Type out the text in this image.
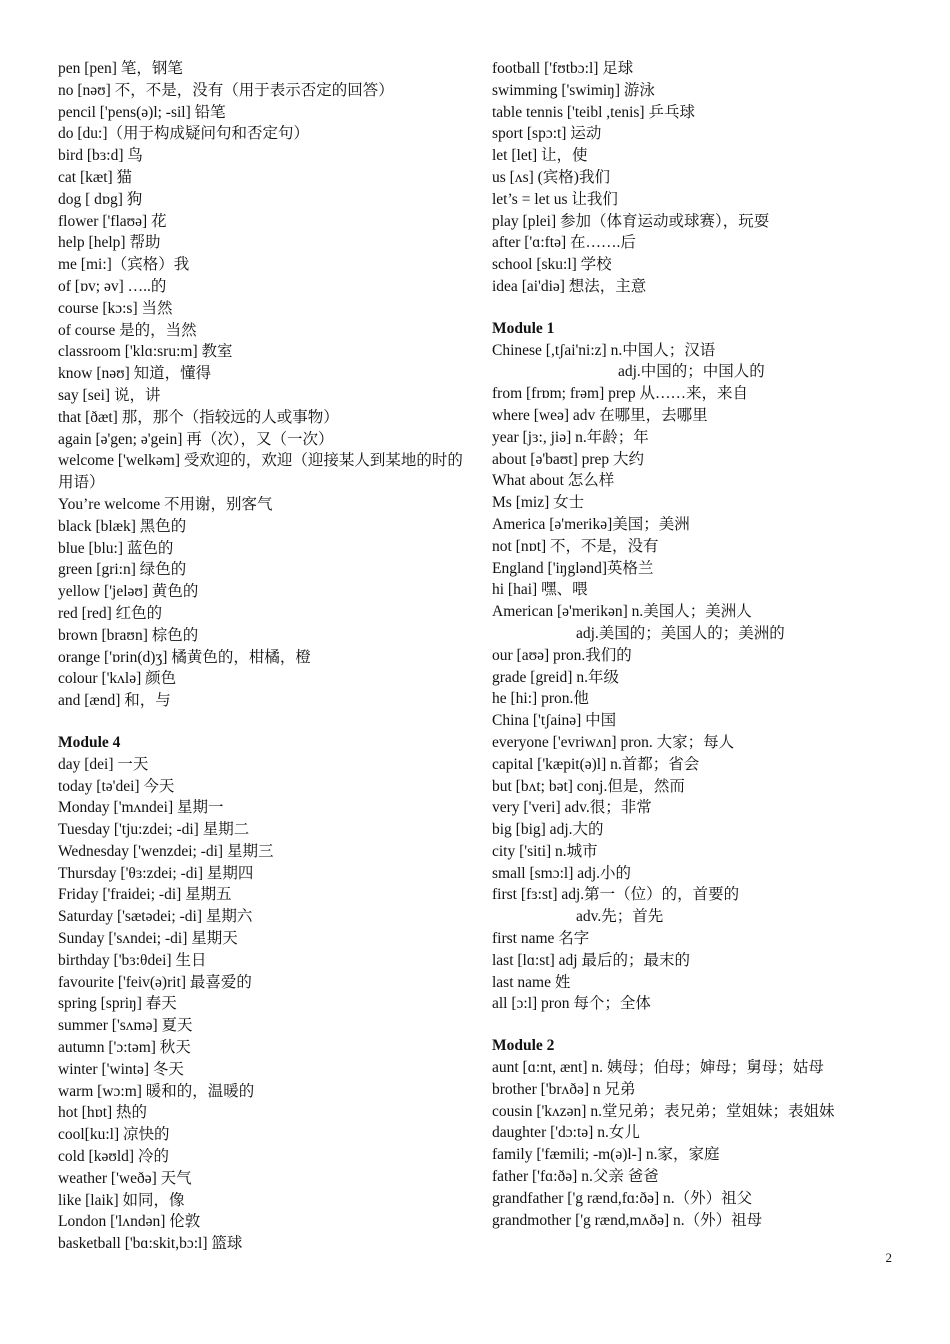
pen [pen] 笔，钢笔
no [nəʊ] 不，不是，没有（用于表示否定的回答）
pencil ['pens(ə)l; -sil] 铅笔
do [du:]（用于构成疑问句和否定句）
bird [bɜ:d] 鸟
cat [kæt] 猫
dog [ dɒg] 狗
flower ['flaʊə] 花
help [help] 帮助
me [mi:]（宾格）我
of [ɒv; əv] …..的
course [kɔ:s] 当然
of course 是的，当然
classroom ['klɑ:sru:m] 教室
know [nəʊ] 知道，懂得
say [sei] 说，讲
that [ðæt] 那，那个（指较远的人或事物）
again [ə'gen; ə'gein] 再（次），又（一次）
welcome ['welkəm] 受欢迎的，欢迎（迎接某人到某地的时的用语）
You’re welcome 不用谢，别客气
black [blæk] 黑色的
blue [blu:] 蓝色的
green [gri:n] 绿色的
yellow ['jeləʊ] 黄色的
red [red] 红色的
brown [braʊn] 棕色的
orange ['ɒrin(d)ʒ] 橘黄色的，柑橘，橙
colour ['kʌlə] 颜色
and [ænd] 和，与
Module 4
day [dei] 一天
today [tə'dei] 今天
Monday ['mʌndei] 星期一
Tuesday ['tju:zdei; -di] 星期二
Wednesday ['wenzdei; -di] 星期三
Thursday ['θɜ:zdei; -di] 星期四
Friday ['fraidei; -di] 星期五
Saturday ['sætədei; -di] 星期六
Sunday ['sʌndei; -di] 星期天
birthday ['bɜ:θdei] 生日
favourite ['feiv(ə)rit] 最喜爱的
spring [spriŋ] 春天
summer ['sʌmə] 夏天
autumn ['ɔ:təm] 秋天
winter ['wintə] 冬天
warm [wɔ:m] 暖和的，温暖的
hot [hɒt] 热的
cool[ku:l] 凉快的
cold [kəʊld] 冷的
weather ['weðə] 天气
like [laik] 如同，像
London ['lʌndən] 伦敦
basketball ['bɑ:skit,bɔ:l] 篮球
football ['fʊtbɔ:l] 足球
swimming ['swimiŋ] 游泳
table tennis ['teibl ,tenis] 乒乓球
sport [spɔ:t] 运动
let [let] 让，使
us [ʌs] (宾格)我们
let’s = let us 让我们
play [plei] 参加（体育运动或球赛），玩耍
after ['ɑ:ftə] 在…….后
school [sku:l] 学校
idea [ai'diə] 想法，主意
Module 1
Chinese [,tʃai'ni:z] n.中国人；汉语
adj.中国的；中国人的
from [frɒm; frəm] prep 从……来，来自
where [weə] adv 在哪里，去哪里
year [jɜ:, jiə] n.年龄；年
about [ə'baʊt] prep 大约
What about 怎么样
Ms [miz] 女士
America [ə'merikə]美国；美洲
not [nɒt] 不，不是，没有
England ['iŋglənd]英格兰
hi [hai] 嘿、喂
American [ə'merikən] n.美国人；美洲人
adj.美国的；美国人的；美洲的
our [aʊə] pron.我们的
grade [greid] n.年级
he [hi:] pron.他
China ['tʃainə] 中国
everyone ['evriwʌn] pron. 大家；每人
capital ['kæpit(ə)l] n.首都；省会
but [bʌt; bət] conj.但是，然而
very ['veri] adv.很；非常
big [big] adj.大的
city ['siti] n.城市
small [smɔ:l] adj.小的
first [fɜ:st] adj.第一（位）的，首要的
adv.先；首先
first name 名字
last [lɑ:st] adj 最后的；最末的
last name 姓
all [ɔ:l] pron 每个；全体
Module 2
aunt [ɑ:nt, ænt] n. 姨母；伯母；婶母；舅母；姑母
brother ['brʌðə] n 兄弟
cousin ['kʌzən] n.堂兄弟；表兄弟；堂姐妹；表姐妹
daughter ['dɔ:tə] n.女儿
family ['fæmili; -m(ə)l-] n.家，家庭
father ['fɑ:ðə] n.父亲 爸爸
grandfather ['g rænd,fɑ:ðə] n.（外）祖父
grandmother ['g rænd,mʌðə] n.（外）祖母
2
